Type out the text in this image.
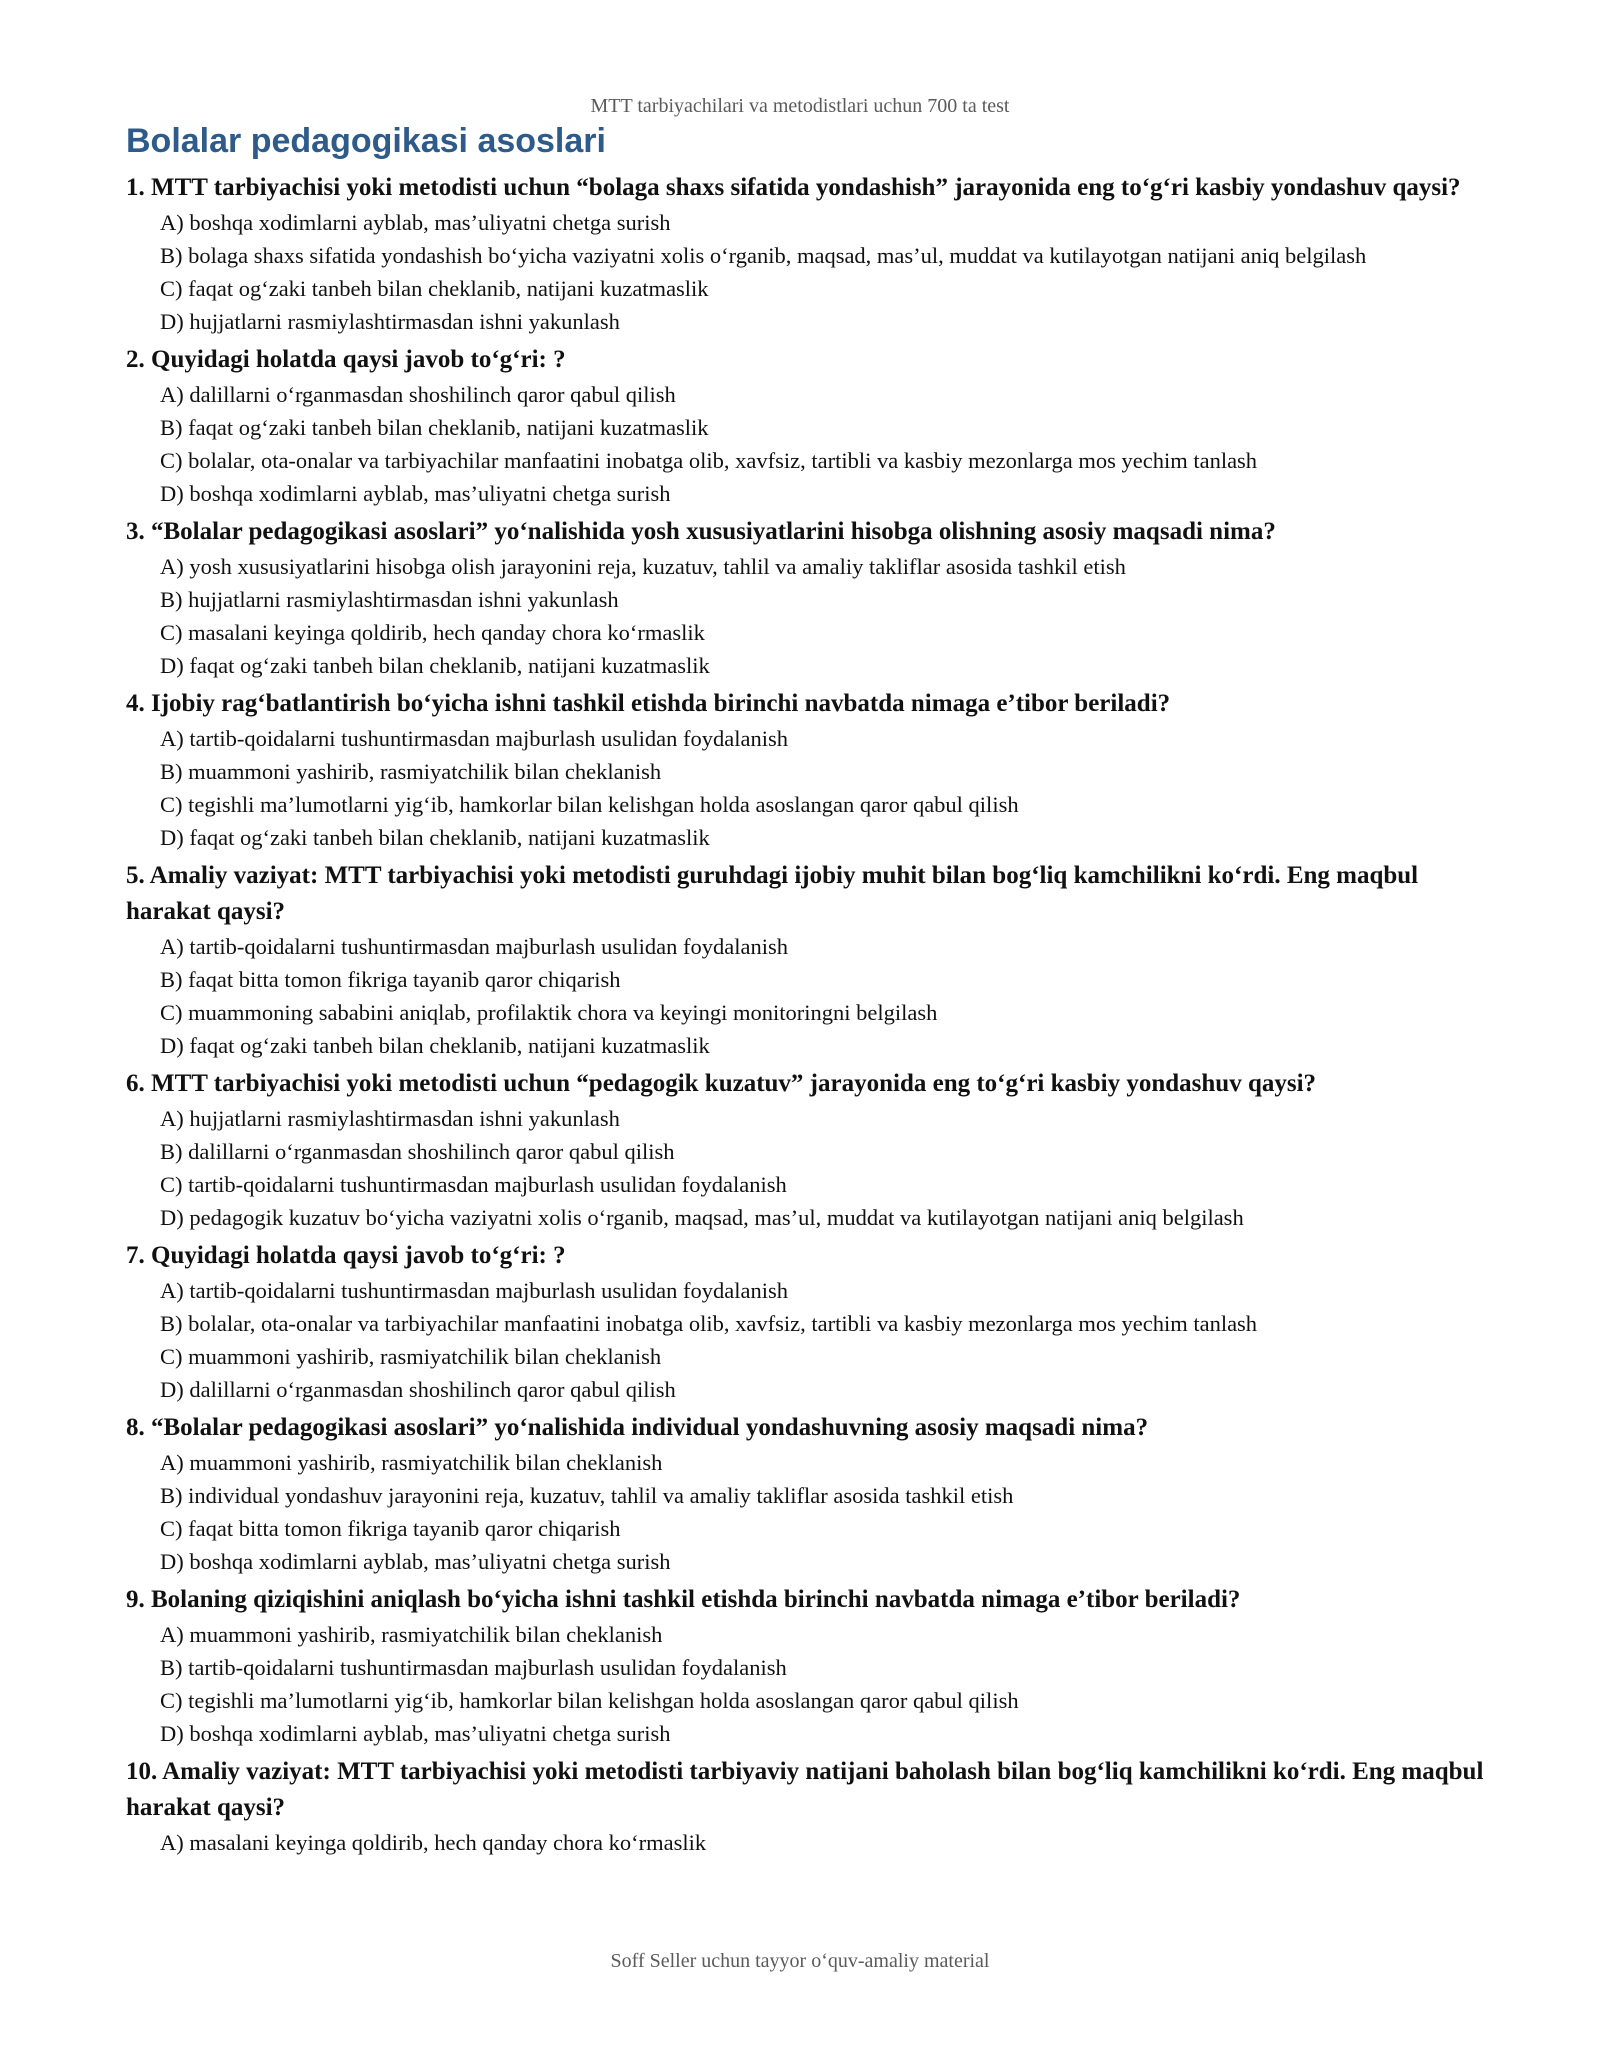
MTT tarbiyachilari va metodistlari uchun 700 ta test
Bolalar pedagogikasi asoslari

1. MTT tarbiyachisi yoki metodisti uchun “bolaga shaxs sifatida yondashish” jarayonida eng to‘g‘ri kasbiy yondashuv qaysi?

A) boshqa xodimlarni ayblab, mas’uliyatni chetga surish
B) bolaga shaxs sifatida yondashish bo‘yicha vaziyatni xolis o‘rganib, maqsad, mas’ul, muddat va kutilayotgan natijani aniq belgilash
C) faqat og‘zaki tanbeh bilan cheklanib, natijani kuzatmaslik
D) hujjatlarni rasmiylashtirmasdan ishni yakunlash

2. Quyidagi holatda qaysi javob to‘g‘ri: ?

A) dalillarni o‘rganmasdan shoshilinch qaror qabul qilish
B) faqat og‘zaki tanbeh bilan cheklanib, natijani kuzatmaslik
C) bolalar, ota-onalar va tarbiyachilar manfaatini inobatga olib, xavfsiz, tartibli va kasbiy mezonlarga mos yechim tanlash
D) boshqa xodimlarni ayblab, mas’uliyatni chetga surish

3. “Bolalar pedagogikasi asoslari” yo‘nalishida yosh xususiyatlarini hisobga olishning asosiy maqsadi nima?

A) yosh xususiyatlarini hisobga olish jarayonini reja, kuzatuv, tahlil va amaliy takliflar asosida tashkil etish
B) hujjatlarni rasmiylashtirmasdan ishni yakunlash
C) masalani keyinga qoldirib, hech qanday chora ko‘rmaslik
D) faqat og‘zaki tanbeh bilan cheklanib, natijani kuzatmaslik

4. Ijobiy rag‘batlantirish bo‘yicha ishni tashkil etishda birinchi navbatda nimaga e’tibor beriladi?

A) tartib-qoidalarni tushuntirmasdan majburlash usulidan foydalanish
B) muammoni yashirib, rasmiyatchilik bilan cheklanish
C) tegishli ma’lumotlarni yig‘ib, hamkorlar bilan kelishgan holda asoslangan qaror qabul qilish
D) faqat og‘zaki tanbeh bilan cheklanib, natijani kuzatmaslik

5. Amaliy vaziyat: MTT tarbiyachisi yoki metodisti guruhdagi ijobiy muhit bilan bog‘liq kamchilikni ko‘rdi. Eng maqbul harakat qaysi?

A) tartib-qoidalarni tushuntirmasdan majburlash usulidan foydalanish
B) faqat bitta tomon fikriga tayanib qaror chiqarish
C) muammoning sababini aniqlab, profilaktik chora va keyingi monitoringni belgilash
D) faqat og‘zaki tanbeh bilan cheklanib, natijani kuzatmaslik

6. MTT tarbiyachisi yoki metodisti uchun “pedagogik kuzatuv” jarayonida eng to‘g‘ri kasbiy yondashuv qaysi?

A) hujjatlarni rasmiylashtirmasdan ishni yakunlash
B) dalillarni o‘rganmasdan shoshilinch qaror qabul qilish
C) tartib-qoidalarni tushuntirmasdan majburlash usulidan foydalanish
D) pedagogik kuzatuv bo‘yicha vaziyatni xolis o‘rganib, maqsad, mas’ul, muddat va kutilayotgan natijani aniq belgilash

7. Quyidagi holatda qaysi javob to‘g‘ri: ?

A) tartib-qoidalarni tushuntirmasdan majburlash usulidan foydalanish
B) bolalar, ota-onalar va tarbiyachilar manfaatini inobatga olib, xavfsiz, tartibli va kasbiy mezonlarga mos yechim tanlash
C) muammoni yashirib, rasmiyatchilik bilan cheklanish
D) dalillarni o‘rganmasdan shoshilinch qaror qabul qilish

8. “Bolalar pedagogikasi asoslari” yo‘nalishida individual yondashuvning asosiy maqsadi nima?

A) muammoni yashirib, rasmiyatchilik bilan cheklanish
B) individual yondashuv jarayonini reja, kuzatuv, tahlil va amaliy takliflar asosida tashkil etish
C) faqat bitta tomon fikriga tayanib qaror chiqarish
D) boshqa xodimlarni ayblab, mas’uliyatni chetga surish

9. Bolaning qiziqishini aniqlash bo‘yicha ishni tashkil etishda birinchi navbatda nimaga e’tibor beriladi?

A) muammoni yashirib, rasmiyatchilik bilan cheklanish
B) tartib-qoidalarni tushuntirmasdan majburlash usulidan foydalanish
C) tegishli ma’lumotlarni yig‘ib, hamkorlar bilan kelishgan holda asoslangan qaror qabul qilish
D) boshqa xodimlarni ayblab, mas’uliyatni chetga surish

10. Amaliy vaziyat: MTT tarbiyachisi yoki metodisti tarbiyaviy natijani baholash bilan bog‘liq kamchilikni ko‘rdi. Eng maqbul harakat qaysi?

A) masalani keyinga qoldirib, hech qanday chora ko‘rmaslik
Soff Seller uchun tayyor o‘quv-amaliy material
